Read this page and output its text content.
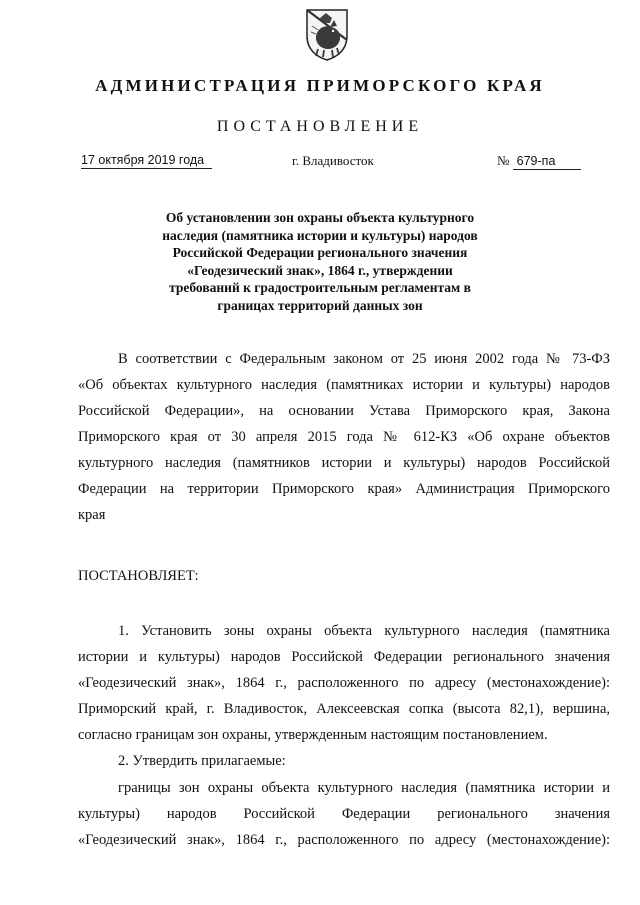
АДМИНИСТРАЦИЯ ПРИМОРСКОГО КРАЯ
ПОСТАНОВЛЕНИЕ
17 октября 2019 года	г. Владивосток	№ 679-па
Об установлении зон охраны объекта культурного
наследия (памятника истории и культуры) народов
Российской Федерации регионального значения
«Геодезический знак», 1864 г., утверждении
требований к градостроительным регламентам в
границах территорий данных зон
В соответствии с Федеральным законом от 25 июня 2002 года № 73-ФЗ
«Об объектах культурного наследия (памятниках истории и культуры) народов
Российской Федерации», на основании Устава Приморского края, Закона
Приморского края от 30 апреля 2015 года № 612-КЗ «Об охране объектов
культурного наследия (памятников истории и культуры) народов Российской
Федерации на территории Приморского края» Администрация Приморского
края
ПОСТАНОВЛЯЕТ:
1. Установить зоны охраны объекта культурного наследия (памятника
истории и культуры) народов Российской Федерации регионального значения
«Геодезический знак», 1864 г., расположенного по адресу (местонахождение):
Приморский край, г. Владивосток, Алексеевская сопка (высота 82,1), вершина,
согласно границам зон охраны, утвержденным настоящим постановлением.
2. Утвердить прилагаемые:
границы зон охраны объекта культурного наследия (памятника истории и
культуры) народов Российской Федерации регионального значения
«Геодезический знак», 1864 г., расположенного по адресу (местонахождение):
